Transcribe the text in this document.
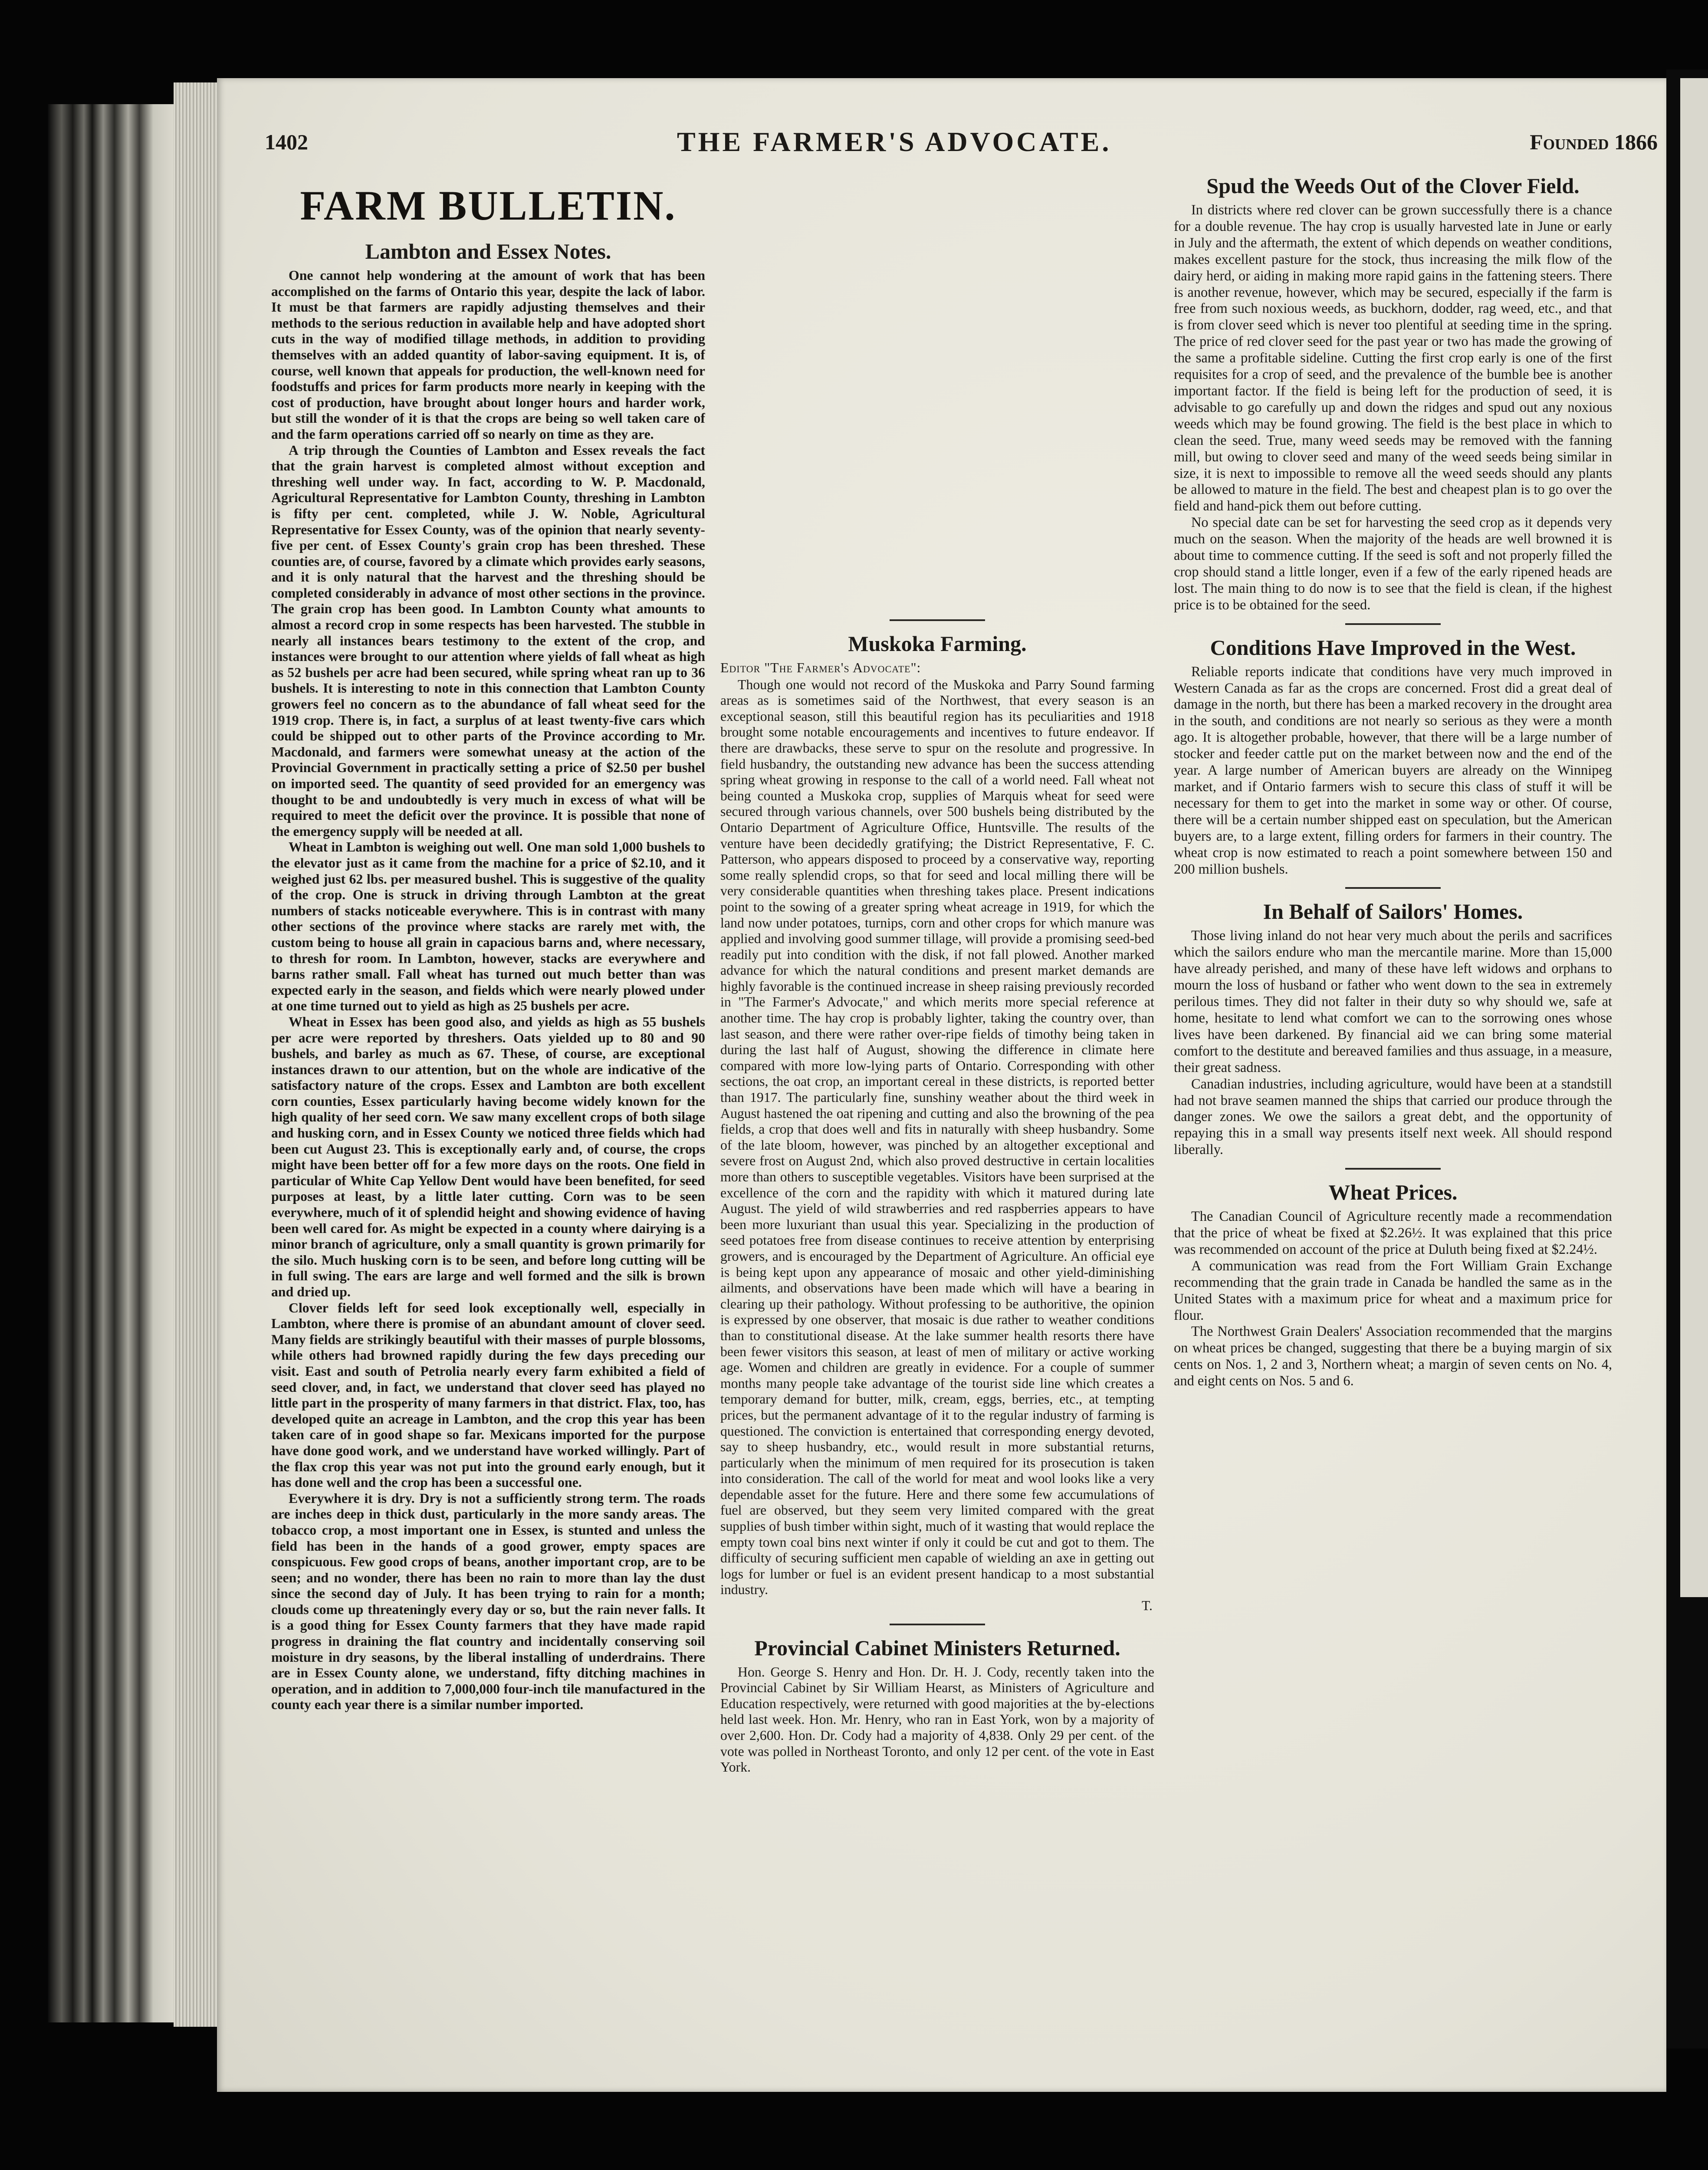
1402	THE FARMER'S ADVOCATE.	Founded 1866
FARM BULLETIN.
Lambton and Essex Notes.

One cannot help wondering at the amount of work that has been accomplished on the farms of Ontario this year, despite the lack of labor. It must be that farmers are rapidly adjusting themselves and their methods to the serious reduction in available help and have adopted short cuts in the way of modified tillage methods, in addition to providing themselves with an added quantity of labor-saving equipment. It is, of course, well known that appeals for production, the well-known need for foodstuffs and prices for farm products more nearly in keeping with the cost of production, have brought about longer hours and harder work, but still the wonder of it is that the crops are being so well taken care of and the farm operations carried off so nearly on time as they are.

A trip through the Counties of Lambton and Essex reveals the fact that the grain harvest is completed almost without exception and threshing well under way. In fact, according to W. P. Macdonald, Agricultural Representative for Lambton County, threshing in Lambton is fifty per cent. completed, while J. W. Noble, Agricultural Representative for Essex County, was of the opinion that nearly seventy-five per cent. of Essex County's grain crop has been threshed. These counties are, of course, favored by a climate which provides early seasons, and it is only natural that the harvest and the threshing should be completed considerably in advance of most other sections in the province. The grain crop has been good. In Lambton County what amounts to almost a record crop in some respects has been harvested. The stubble in nearly all instances bears testimony to the extent of the crop, and instances were brought to our attention where yields of fall wheat as high as 52 bushels per acre had been secured, while spring wheat ran up to 36 bushels. It is interesting to note in this connection that Lambton County growers feel no concern as to the abundance of fall wheat seed for the 1919 crop. There is, in fact, a surplus of at least twenty-five cars which could be shipped out to other parts of the Province according to Mr. Macdonald, and farmers were somewhat uneasy at the action of the Provincial Government in practically setting a price of $2.50 per bushel on imported seed. The quantity of seed provided for an emergency was thought to be and undoubtedly is very much in excess of what will be required to meet the deficit over the province. It is possible that none of the emergency supply will be needed at all.

Wheat in Lambton is weighing out well. One man sold 1,000 bushels to the elevator just as it came from the machine for a price of $2.10, and it weighed just 62 lbs. per measured bushel. This is suggestive of the quality of the crop. One is struck in driving through Lambton at the great numbers of stacks noticeable everywhere. This is in contrast with many other sections of the province where stacks are rarely met with, the custom being to house all grain in capacious barns and, where necessary, to thresh for room. In Lambton, however, stacks are everywhere and barns rather small. Fall wheat has turned out much better than was expected early in the season, and fields which were nearly plowed under at one time turned out to yield as high as 25 bushels per acre.

Wheat in Essex has been good also, and yields as high as 55 bushels per acre were reported by threshers. Oats yielded up to 80 and 90 bushels, and barley as much as 67. These, of course, are exceptional instances drawn to our attention, but on the whole are indicative of the satisfactory nature of the crops. Essex and Lambton are both excellent corn counties, Essex particularly having become widely known for the high quality of her seed corn. We saw many excellent crops of both silage and husking corn, and in Essex County we noticed three fields which had been cut August 23. This is exceptionally early and, of course, the crops might have been better off for a few more days on the roots. One field in particular of White Cap Yellow Dent would have been benefited, for seed purposes at least, by a little later cutting. Corn was to be seen everywhere, much of it of splendid height and showing evidence of having been well cared for. As might be expected in a county where dairying is a minor branch of agriculture, only a small quantity is grown primarily for the silo. Much husking corn is to be seen, and before long cutting will be in full swing. The ears are large and well formed and the silk is brown and dried up.

Clover fields left for seed look exceptionally well, especially in Lambton, where there is promise of an abundant amount of clover seed. Many fields are strikingly beautiful with their masses of purple blossoms, while others had browned rapidly during the few days preceding our visit. East and south of Petrolia nearly every farm exhibited a field of seed clover, and, in fact, we understand that clover seed has played no little part in the prosperity of many farmers in that district. Flax, too, has developed quite an acreage in Lambton, and the crop this year has been taken care of in good shape so far. Mexicans imported for the purpose have done good work, and we understand have worked willingly. Part of the flax crop this year was not put into the ground early enough, but it has done well and the crop has been a successful one.

Everywhere it is dry. Dry is not a sufficiently strong term. The roads are inches deep in thick dust, particularly in the more sandy areas. The tobacco crop, a most important one in Essex, is stunted and unless the field has been in the hands of a good grower, empty spaces are conspicuous. Few good crops of beans, another important crop, are to be seen; and no wonder, there has been no rain to more than lay the dust since the second day of July. It has been trying to rain for a month; clouds come up threateningly every day or so, but the rain never falls. It is a good thing for Essex County farmers that they have made rapid progress in draining the flat country and incidentally conserving soil moisture in dry seasons, by the liberal installing of underdrains. There are in Essex County alone, we understand, fifty ditching machines in operation, and in addition to 7,000,000 four-inch tile manufactured in the county each year there is a similar number imported.

Muskoka Farming.

Editor "The Farmer's Advocate":

Though one would not record of the Muskoka and Parry Sound farming areas as is sometimes said of the Northwest, that every season is an exceptional season, still this beautiful region has its peculiarities and 1918 brought some notable encouragements and incentives to future endeavor. If there are drawbacks, these serve to spur on the resolute and progressive. In field husbandry, the outstanding new advance has been the success attending spring wheat growing in response to the call of a world need. Fall wheat not being counted a Muskoka crop, supplies of Marquis wheat for seed were secured through various channels, over 500 bushels being distributed by the Ontario Department of Agriculture Office, Huntsville. The results of the venture have been decidedly gratifying; the District Representative, F. C. Patterson, who appears disposed to proceed by a conservative way, reporting some really splendid crops, so that for seed and local milling there will be very considerable quantities when threshing takes place. Present indications point to the sowing of a greater spring wheat acreage in 1919, for which the land now under potatoes, turnips, corn and other crops for which manure was applied and involving good summer tillage, will provide a promising seed-bed readily put into condition with the disk, if not fall plowed. Another marked advance for which the natural conditions and present market demands are highly favorable is the continued increase in sheep raising previously recorded in "The Farmer's Advocate," and which merits more special reference at another time. The hay crop is probably lighter, taking the country over, than last season, and there were rather over-ripe fields of timothy being taken in during the last half of August, showing the difference in climate here compared with more low-lying parts of Ontario. Corresponding with other sections, the oat crop, an important cereal in these districts, is reported better than 1917. The particularly fine, sunshiny weather about the third week in August hastened the oat ripening and cutting and also the browning of the pea fields, a crop that does well and fits in naturally with sheep husbandry. Some of the late bloom, however, was pinched by an altogether exceptional and severe frost on August 2nd, which also proved destructive in certain localities more than others to susceptible vegetables. Visitors have been surprised at the excellence of the corn and the rapidity with which it matured during late August. The yield of wild strawberries and red raspberries appears to have been more luxuriant than usual this year. Specializing in the production of seed potatoes free from disease continues to receive attention by enterprising growers, and is encouraged by the Department of Agriculture. An official eye is being kept upon any appearance of mosaic and other yield-diminishing ailments, and observations have been made which will have a bearing in clearing up their pathology. Without professing to be authoritive, the opinion is expressed by one observer, that mosaic is due rather to weather conditions than to constitutional disease. At the lake summer health resorts there have been fewer visitors this season, at least of men of military or active working age. Women and children are greatly in evidence. For a couple of summer months many people take advantage of the tourist side line which creates a temporary demand for butter, milk, cream, eggs, berries, etc., at tempting prices, but the permanent advantage of it to the regular industry of farming is questioned. The conviction is entertained that corresponding energy devoted, say to sheep husbandry, etc., would result in more substantial returns, particularly when the minimum of men required for its prosecution is taken into consideration. The call of the world for meat and wool looks like a very dependable asset for the future. Here and there some few accumulations of fuel are observed, but they seem very limited compared with the great supplies of bush timber within sight, much of it wasting that would replace the empty town coal bins next winter if only it could be cut and got to them. The difficulty of securing sufficient men capable of wielding an axe in getting out logs for lumber or fuel is an evident present handicap to a most substantial industry.

T.

Provincial Cabinet Ministers Returned.

Hon. George S. Henry and Hon. Dr. H. J. Cody, recently taken into the Provincial Cabinet by Sir William Hearst, as Ministers of Agriculture and Education respectively, were returned with good majorities at the by-elections held last week. Hon. Mr. Henry, who ran in East York, won by a majority of over 2,600. Hon. Dr. Cody had a majority of 4,838. Only 29 per cent. of the vote was polled in Northeast Toronto, and only 12 per cent. of the vote in East York.

Spud the Weeds Out of the Clover Field.

In districts where red clover can be grown successfully there is a chance for a double revenue. The hay crop is usually harvested late in June or early in July and the aftermath, the extent of which depends on weather conditions, makes excellent pasture for the stock, thus increasing the milk flow of the dairy herd, or aiding in making more rapid gains in the fattening steers. There is another revenue, however, which may be secured, especially if the farm is free from such noxious weeds, as buckhorn, dodder, rag weed, etc., and that is from clover seed which is never too plentiful at seeding time in the spring. The price of red clover seed for the past year or two has made the growing of the same a profitable sideline. Cutting the first crop early is one of the first requisites for a crop of seed, and the prevalence of the bumble bee is another important factor. If the field is being left for the production of seed, it is advisable to go carefully up and down the ridges and spud out any noxious weeds which may be found growing. The field is the best place in which to clean the seed. True, many weed seeds may be removed with the fanning mill, but owing to clover seed and many of the weed seeds being similar in size, it is next to impossible to remove all the weed seeds should any plants be allowed to mature in the field. The best and cheapest plan is to go over the field and hand-pick them out before cutting.

No special date can be set for harvesting the seed crop as it depends very much on the season. When the majority of the heads are well browned it is about time to commence cutting. If the seed is soft and not properly filled the crop should stand a little longer, even if a few of the early ripened heads are lost. The main thing to do now is to see that the field is clean, if the highest price is to be obtained for the seed.

Conditions Have Improved in the West.

Reliable reports indicate that conditions have very much improved in Western Canada as far as the crops are concerned. Frost did a great deal of damage in the north, but there has been a marked recovery in the drought area in the south, and conditions are not nearly so serious as they were a month ago. It is altogether probable, however, that there will be a large number of stocker and feeder cattle put on the market between now and the end of the year. A large number of American buyers are already on the Winnipeg market, and if Ontario farmers wish to secure this class of stuff it will be necessary for them to get into the market in some way or other. Of course, there will be a certain number shipped east on speculation, but the American buyers are, to a large extent, filling orders for farmers in their country. The wheat crop is now estimated to reach a point somewhere between 150 and 200 million bushels.

In Behalf of Sailors' Homes.

Those living inland do not hear very much about the perils and sacrifices which the sailors endure who man the mercantile marine. More than 15,000 have already perished, and many of these have left widows and orphans to mourn the loss of husband or father who went down to the sea in extremely perilous times. They did not falter in their duty so why should we, safe at home, hesitate to lend what comfort we can to the sorrowing ones whose lives have been darkened. By financial aid we can bring some material comfort to the destitute and bereaved families and thus assuage, in a measure, their great sadness.

Canadian industries, including agriculture, would have been at a standstill had not brave seamen manned the ships that carried our produce through the danger zones. We owe the sailors a great debt, and the opportunity of repaying this in a small way presents itself next week. All should respond liberally.

Wheat Prices.

The Canadian Council of Agriculture recently made a recommendation that the price of wheat be fixed at $2.26½. It was explained that this price was recommended on account of the price at Duluth being fixed at $2.24½.

A communication was read from the Fort William Grain Exchange recommending that the grain trade in Canada be handled the same as in the United States with a maximum price for wheat and a maximum price for flour.

The Northwest Grain Dealers' Association recommended that the margins on wheat prices be changed, suggesting that there be a buying margin of six cents on Nos. 1, 2 and 3, Northern wheat; a margin of seven cents on No. 4, and eight cents on Nos. 5 and 6.
